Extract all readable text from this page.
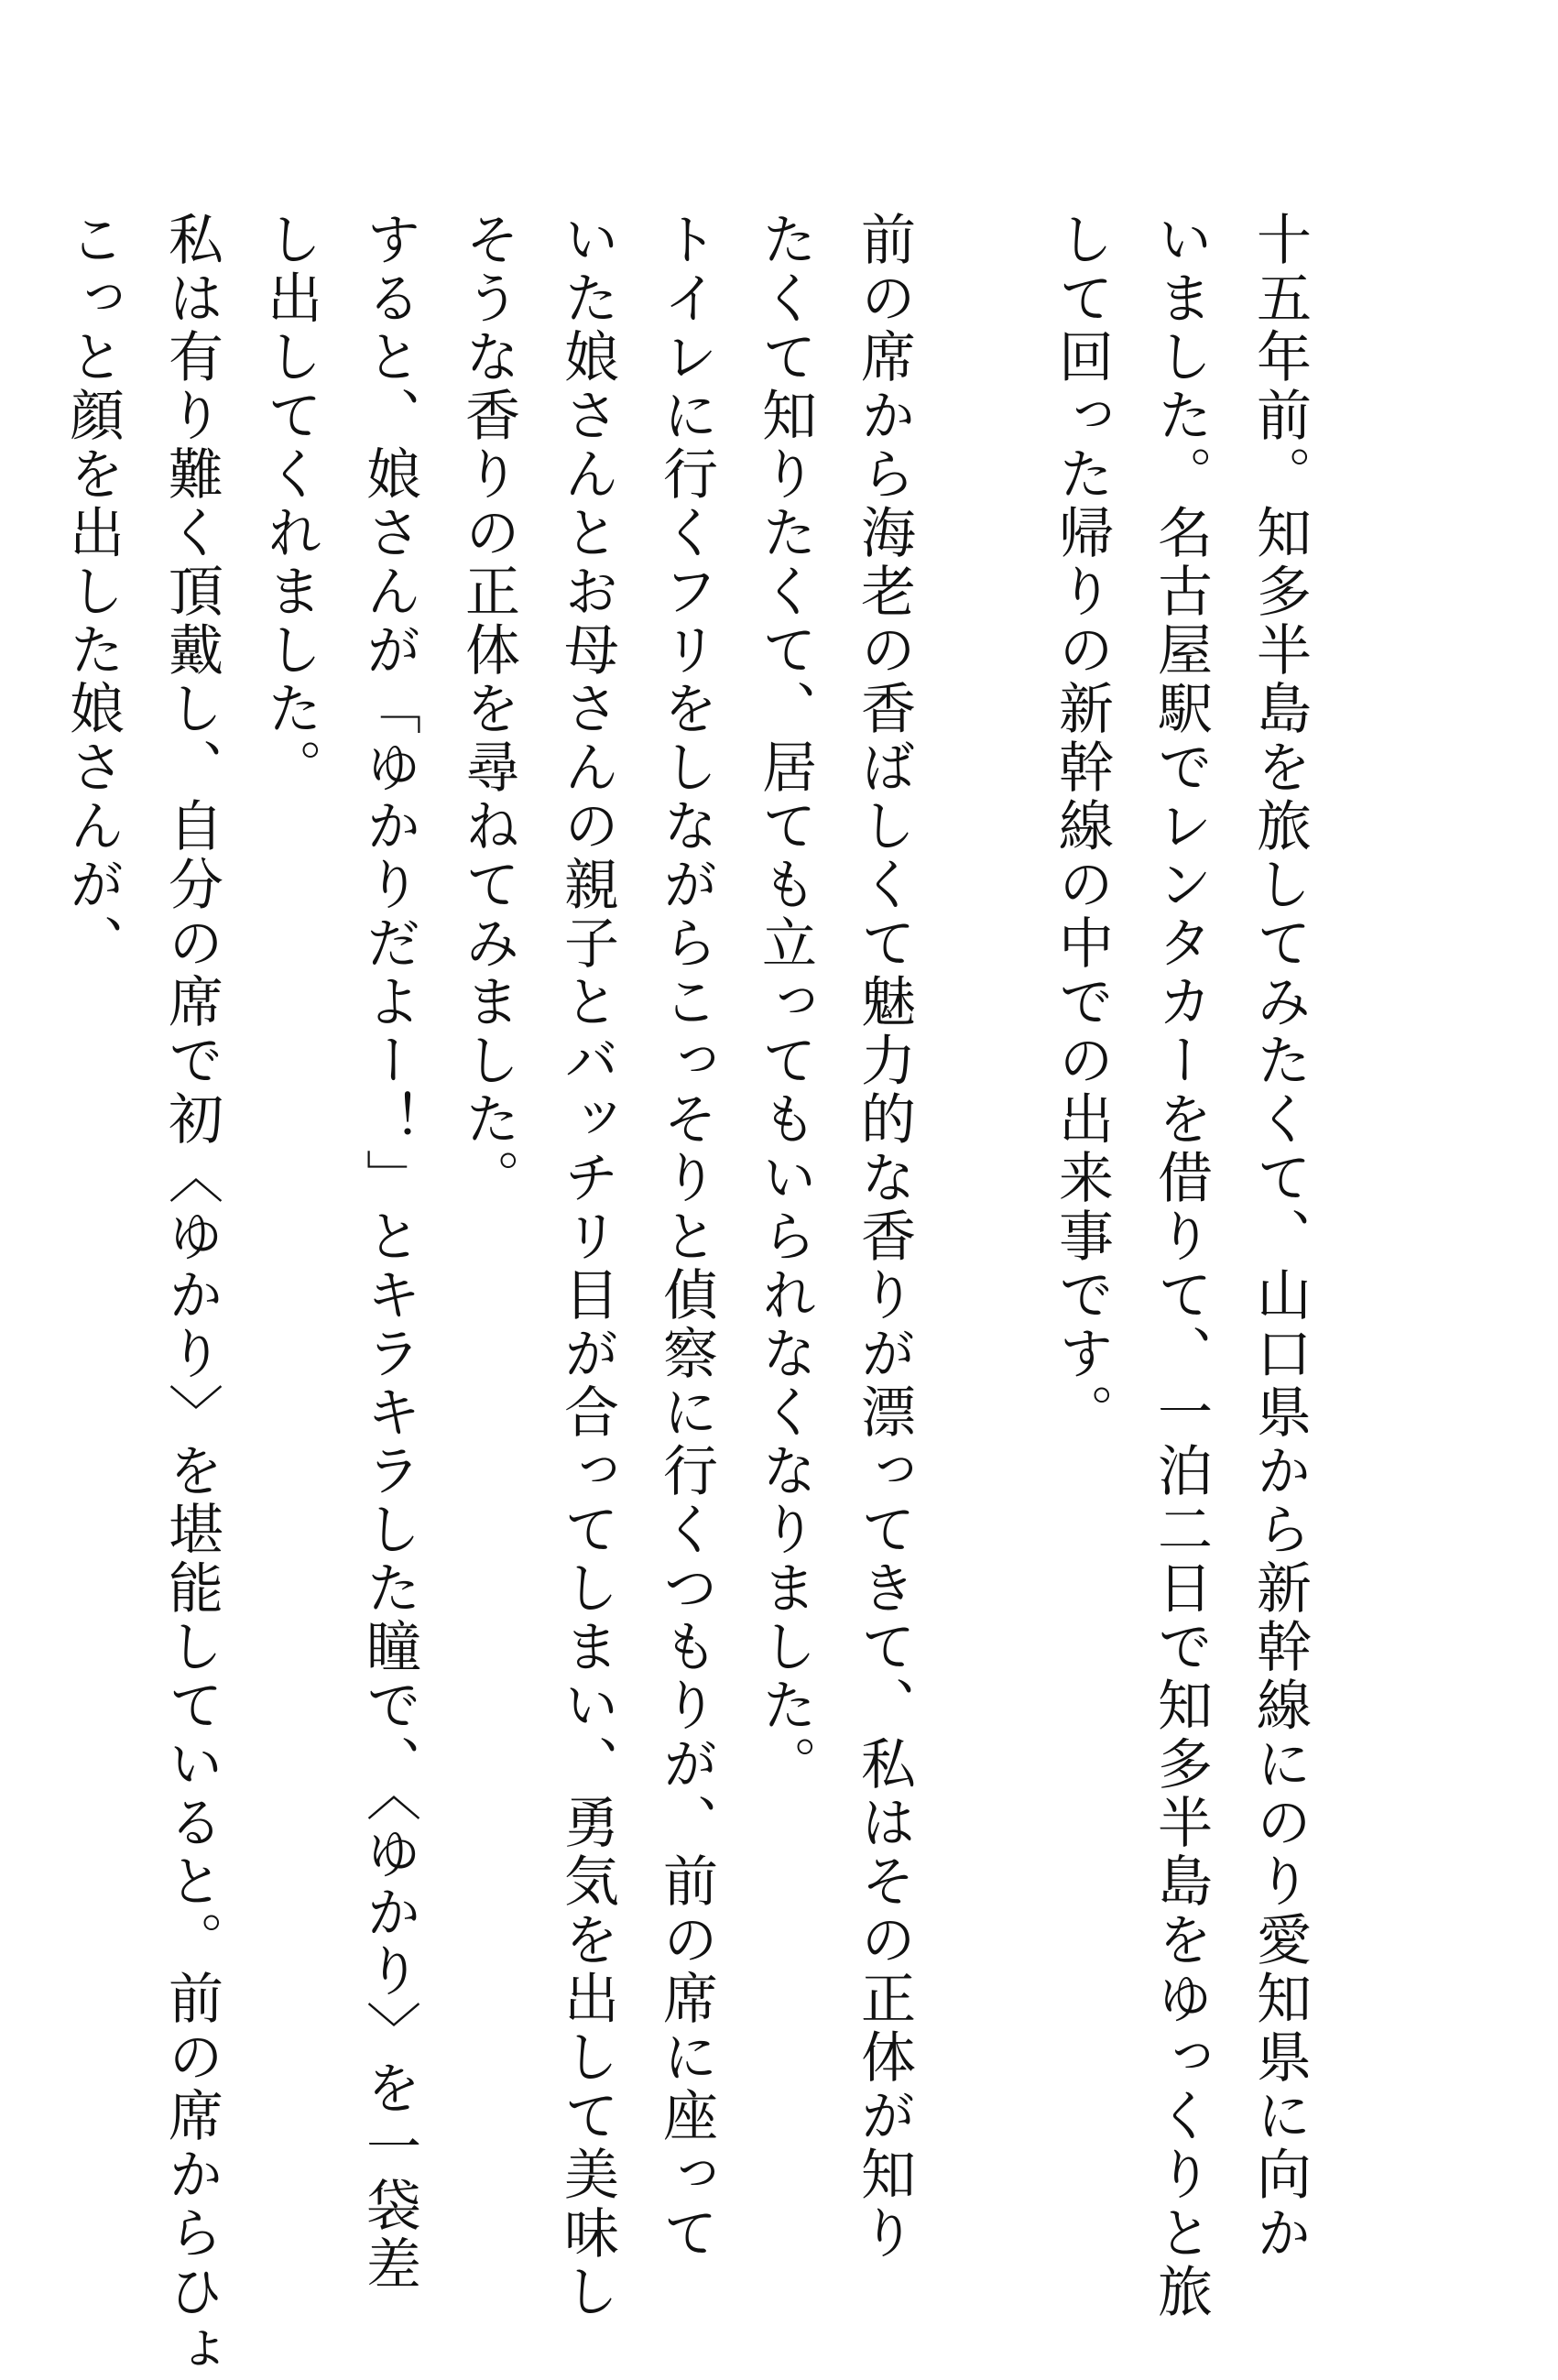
十五年前。知多半島を旅してみたくて、山口県から新幹線にのり愛知県に向か
いました。名古屋駅でレンタカーを借りて、一泊二日で知多半島をゆっくりと旅
して回った帰りの新幹線の中での出来事です。
前の席から海老の香ばしくて魅力的な香りが漂ってきて、私はその正体が知り
たくて知りたくて、居ても立ってもいられなくなりました。
トイレに行くフリをしながらこっそりと偵察に行くつもりが、前の席に座って
いた娘さんとお母さんの親子とバッチリ目が合ってしまい、勇気を出して美味し
そうな香りの正体を尋ねてみました。
すると、娘さんが「ゆかりだよー！」とキラキラした瞳で、〈ゆかり〉を一袋差
し出してくれました。
私は有り難く頂戴し、自分の席で初〈ゆかり〉を堪能していると。前の席からひょ
こっと顔を出した娘さんが、
